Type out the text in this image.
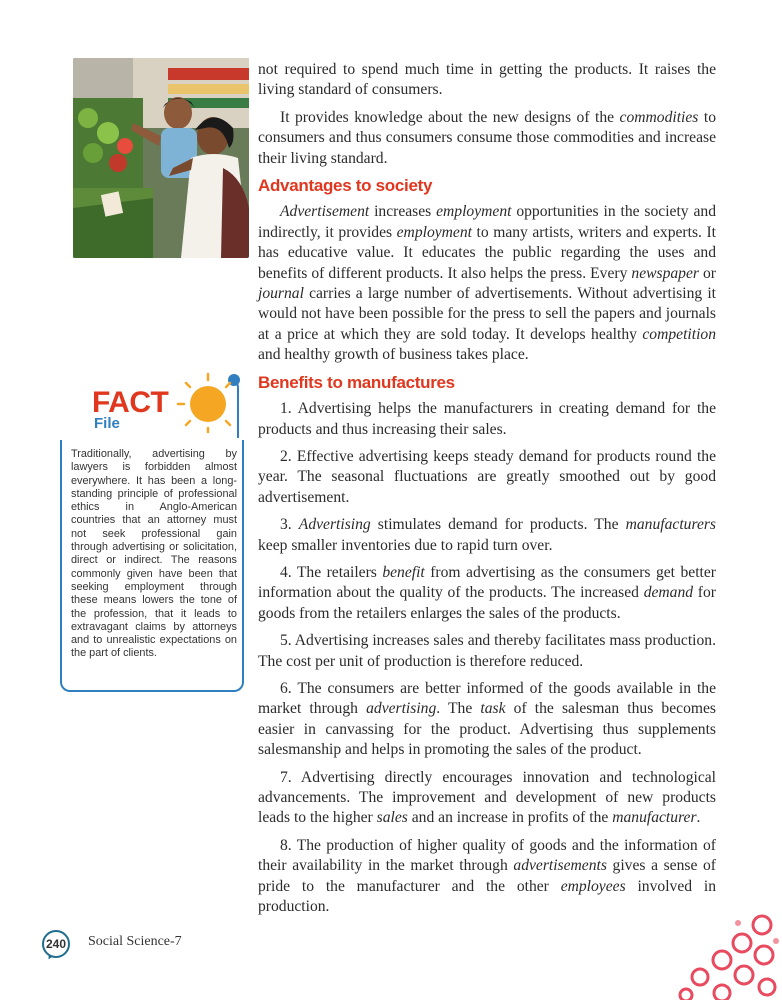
not required to spend much time in getting the products. It raises the living standard of consumers.

It provides knowledge about the new designs of the commodities to consumers and thus consumers consume those commodities and increase their living standard.

Advantages to society

Advertisement increases employment opportunities in the society and indirectly, it provides employment to many artists, writers and experts. It has educative value. It educates the public regarding the uses and benefits of different products. It also helps the press. Every newspaper or journal carries a large number of advertisements. Without advertising it would not have been possible for the press to sell the papers and journals at a price at which they are sold today. It develops healthy competition and healthy growth of business takes place.

Benefits to manufactures

1. Advertising helps the manufacturers in creating demand for the products and thus increasing their sales.

2. Effective advertising keeps steady demand for products round the year. The seasonal fluctuations are greatly smoothed out by good advertisement.

3. Advertising stimulates demand for products. The manufacturers keep smaller inventories due to rapid turn over.

4. The retailers benefit from advertising as the consumers get better information about the quality of the products. The increased demand for goods from the retailers enlarges the sales of the products.

5. Advertising increases sales and thereby facilitates mass production. The cost per unit of production is therefore reduced.

6. The consumers are better informed of the goods available in the market through advertising. The task of the salesman thus becomes easier in canvassing for the product. Advertising thus supplements salesmanship and helps in promoting the sales of the product.

7. Advertising directly encourages innovation and technological advancements. The improvement and development of new products leads to the higher sales and an increase in profits of the manufacturer.

8. The production of higher quality of goods and the information of their availability in the market through advertisements gives a sense of pride to the manufacturer and the other employees involved in production.

FACT
File
Traditionally, advertising by lawyers is forbidden almost everywhere. It has been a long-standing principle of professional ethics in Anglo-American countries that an attorney must not seek professional gain through advertising or solicitation, direct or indirect. The reasons commonly given have been that seeking employment through these means lowers the tone of the profession, that it leads to extravagant claims by attorneys and to unrealistic expectations on the part of clients.
240 Social Science-7
